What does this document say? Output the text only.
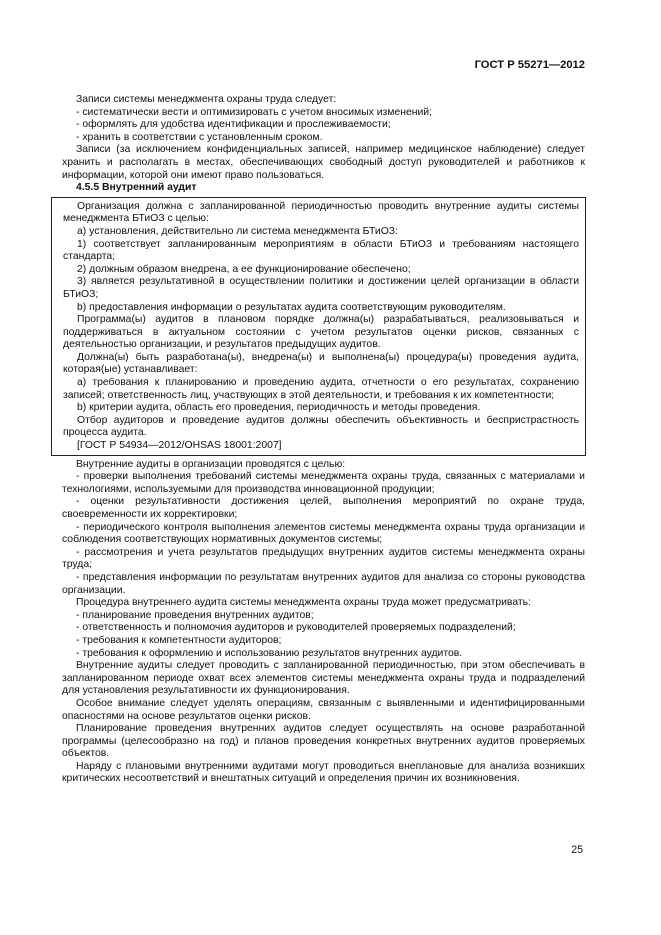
ГОСТ Р 55271—2012
Записи системы менеджмента охраны труда следует:
- систематически вести и оптимизировать с учетом вносимых изменений;
- оформлять для удобства идентификации и прослеживаемости;
- хранить в соответствии с установленным сроком.
Записи (за исключением конфиденциальных записей, например медицинское наблюдение) следует хранить и располагать в местах, обеспечивающих свободный доступ руководителей и работников к информации, которой они имеют право пользоваться.
4.5.5 Внутренний аудит
Организация должна с запланированной периодичностью проводить внутренние аудиты системы менеджмента БТиОЗ с целью:
а) установления, действительно ли система менеджмента БТиОЗ:
1) соответствует запланированным мероприятиям в области БТиОЗ и требованиям настоящего стандарта;
2) должным образом внедрена, а ее функционирование обеспечено;
3) является результативной в осуществлении политики и достижении целей организации в области БТиОЗ;
b) предоставления информации о результатах аудита соответствующим руководителям.
Программа(ы) аудитов в плановом порядке должна(ы) разрабатываться, реализовываться и поддерживаться в актуальном состоянии с учетом результатов оценки рисков, связанных с деятельностью организации, и результатов предыдущих аудитов.
Должна(ы) быть разработана(ы), внедрена(ы) и выполнена(ы) процедура(ы) проведения аудита, которая(ые) устанавливает:
а) требования к планированию и проведению аудита, отчетности о его результатах, сохранению записей; ответственность лиц, участвующих в этой деятельности, и требования к их компетентности;
b) критерии аудита, область его проведения, периодичность и методы проведения.
Отбор аудиторов и проведение аудитов должны обеспечить объективность и беспристрастность процесса аудита.
[ГОСТ Р 54934—2012/OHSAS 18001:2007]
Внутренние аудиты в организации проводятся с целью:
- проверки выполнения требований системы менеджмента охраны труда, связанных с материалами и технологиями, используемыми для производства инновационной продукции;
- оценки результативности достижения целей, выполнения мероприятий по охране труда, своевременности их корректировки;
- периодического контроля выполнения элементов системы менеджмента охраны труда организации и соблюдения соответствующих нормативных документов системы;
- рассмотрения и учета результатов предыдущих внутренних аудитов системы менеджмента охраны труда;
- представления информации по результатам внутренних аудитов для анализа со стороны руководства организации.
Процедура внутреннего аудита системы менеджмента охраны труда может предусматривать:
- планирование проведения внутренних аудитов;
- ответственность и полномочия аудиторов и руководителей проверяемых подразделений;
- требования к компетентности аудиторов;
- требования к оформлению и использованию результатов внутренних аудитов.
Внутренние аудиты следует проводить с запланированной периодичностью, при этом обеспечивать в запланированном периоде охват всех элементов системы менеджмента охраны труда и подразделений для установления результативности их функционирования.
Особое внимание следует уделять операциям, связанным с выявленными и идентифицированными опасностями на основе результатов оценки рисков.
Планирование проведения внутренних аудитов следует осуществлять на основе разработанной программы (целесообразно на год) и планов проведения конкретных внутренних аудитов проверяемых объектов.
Наряду с плановыми внутренними аудитами могут проводиться внеплановые для анализа возникших критических несоответствий и внештатных ситуаций и определения причин их возникновения.
25
